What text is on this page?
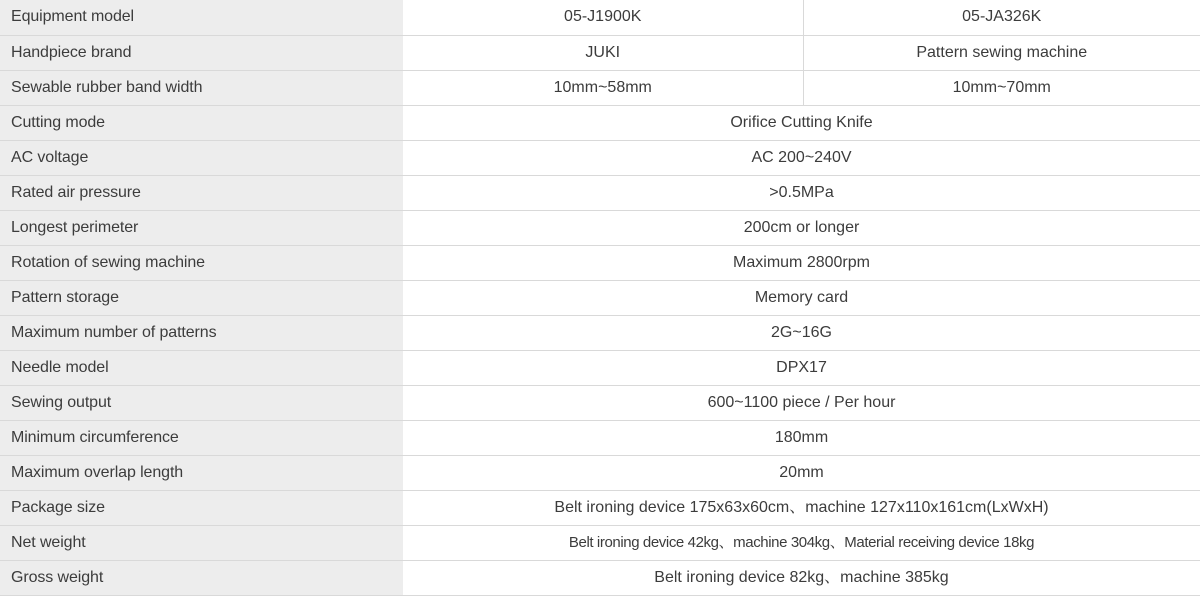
Equipment model	05-J1900K	05-JA326K
Handpiece brand	JUKI	Pattern sewing machine
Sewable rubber band width	10mm~58mm	10mm~70mm
Cutting mode	Orifice Cutting Knife	
AC voltage	AC 200~240V	
Rated air pressure	>0.5MPa	
Longest perimeter	200cm or longer	
Rotation of sewing machine	Maximum 2800rpm	
Pattern storage	Memory card	
Maximum number of patterns	2G~16G	
Needle model	DPX17	
Sewing output	600~1100 piece / Per hour	
Minimum circumference	180mm	
Maximum overlap length	20mm	
Package size	Belt ironing device 175x63x60cm、machine 127x110x161cm(LxWxH)	
Net weight	Belt ironing device 42kg、machine 304kg、Material receiving device 18kg	
Gross weight	Belt ironing device 82kg、machine 385kg	
